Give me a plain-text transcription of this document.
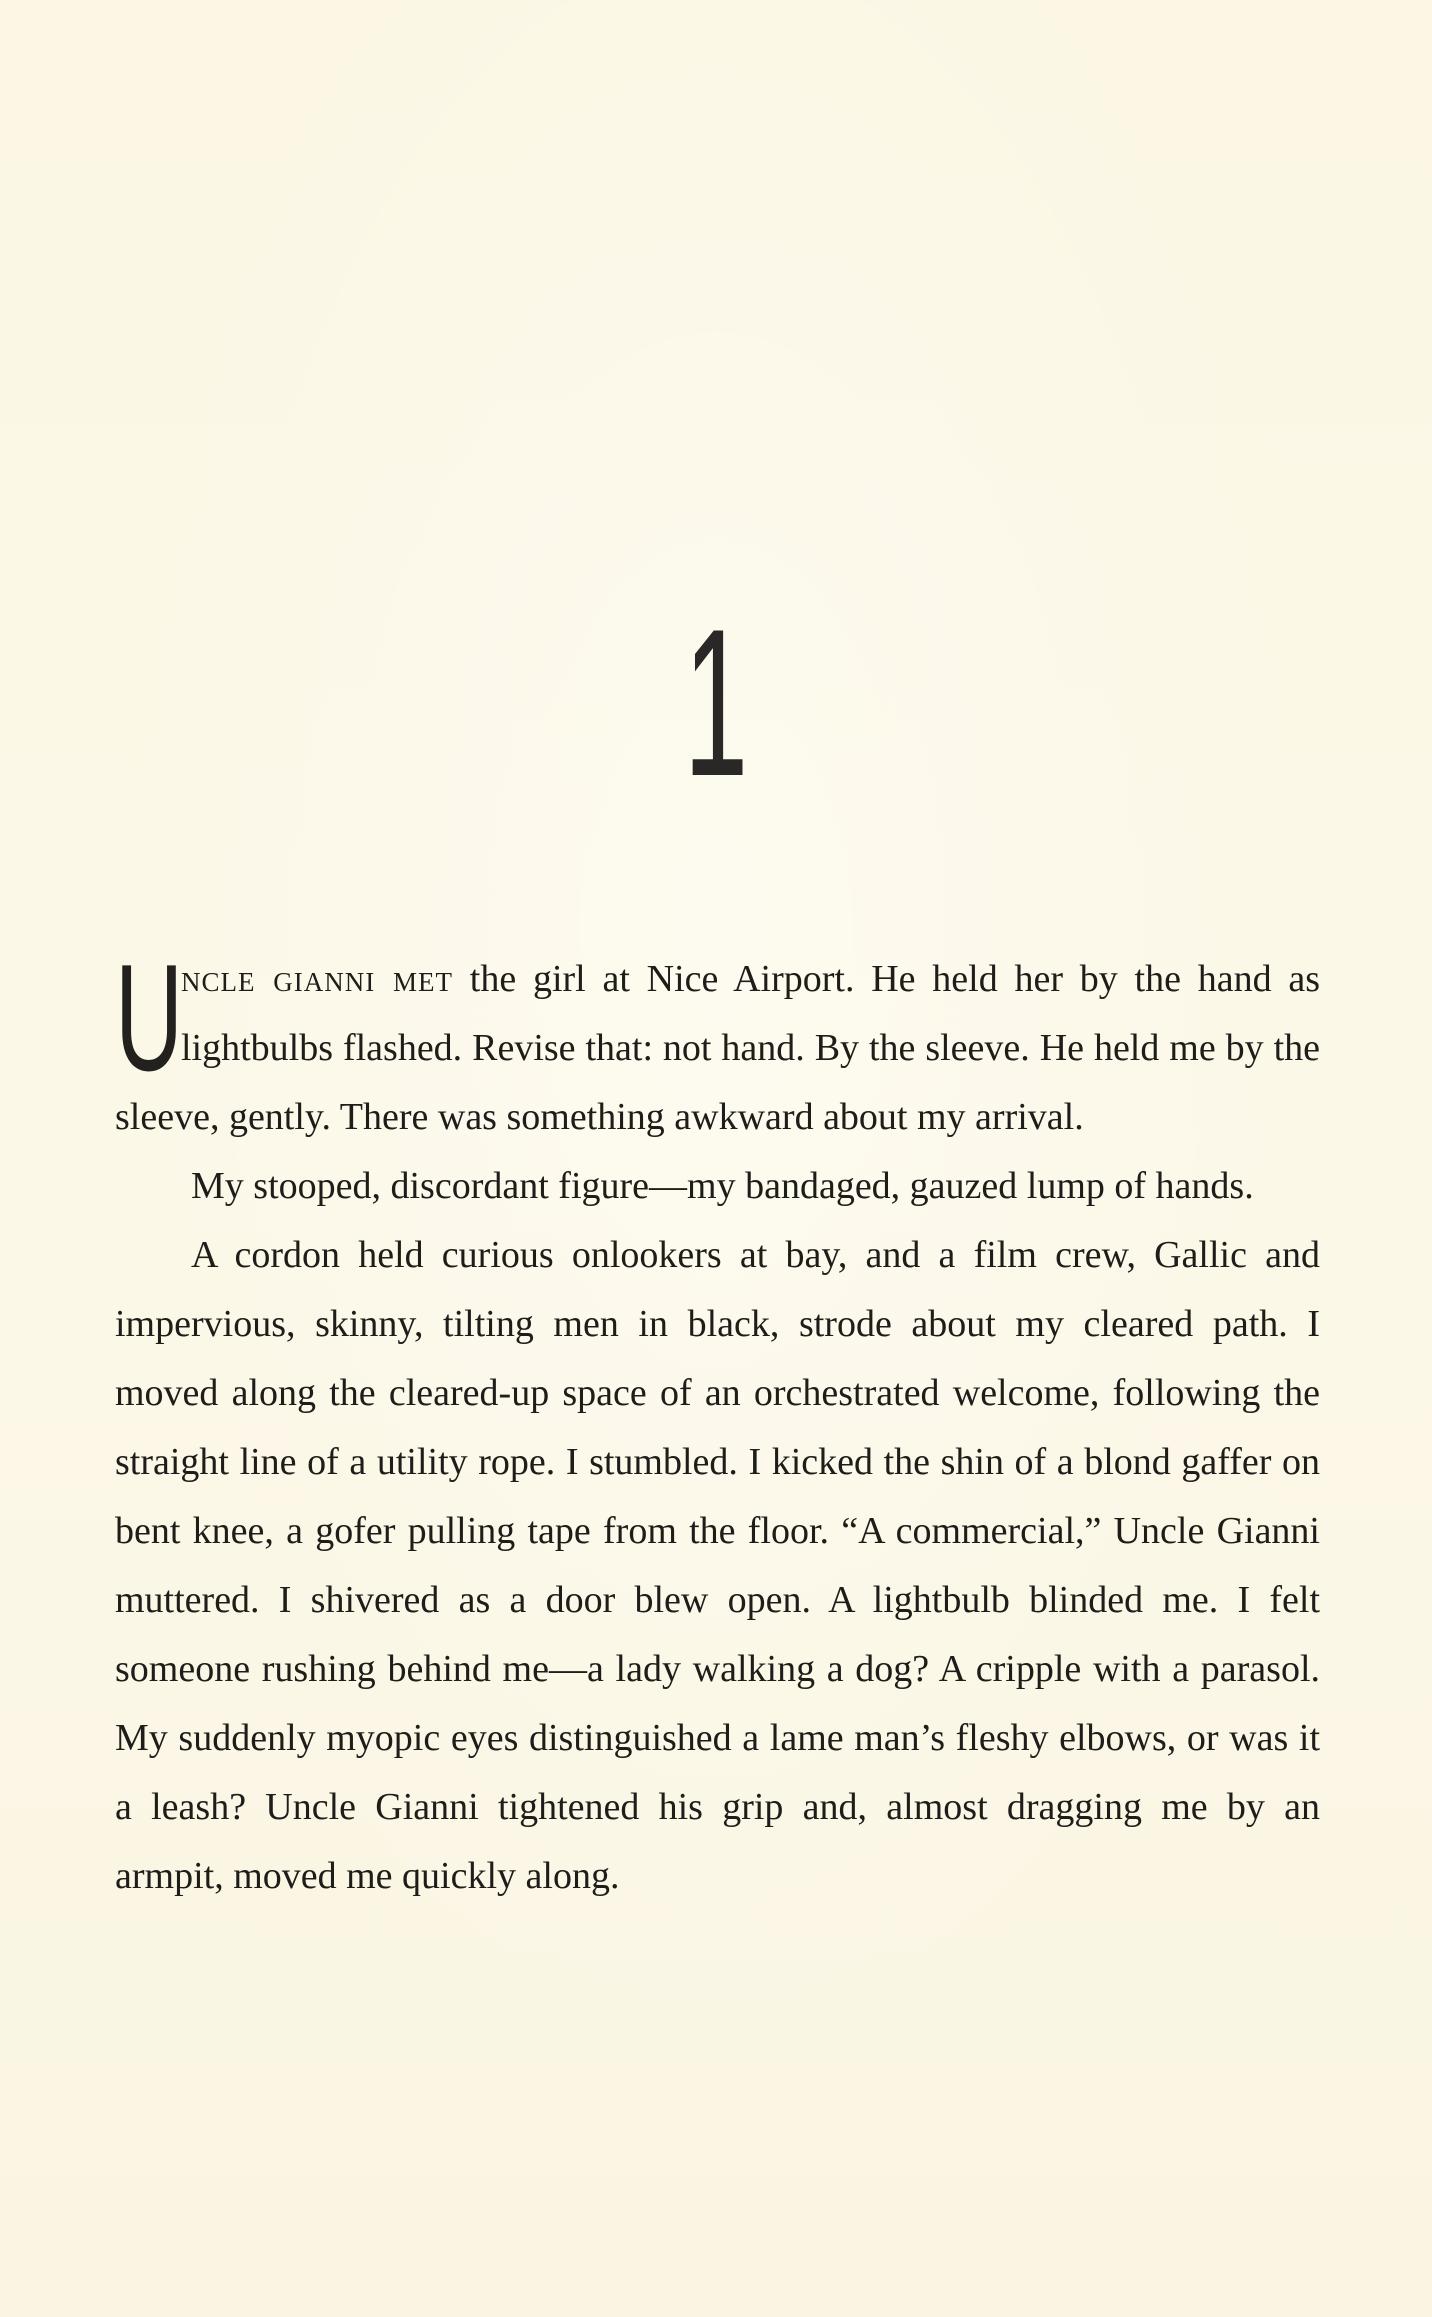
1

U
ncle gianni met the girl at Nice Airport. He held her by the hand as lightbulbs flashed. Revise that: not hand. By the sleeve. He held me by the sleeve, gently. There was something awkward about my arrival.

My stooped, discordant figure—my bandaged, gauzed lump of hands.

A cordon held curious onlookers at bay, and a film crew, Gallic and impervious, skinny, tilting men in black, strode about my cleared path. I moved along the cleared-up space of an orchestrated welcome, following the straight line of a utility rope. I stumbled. I kicked the shin of a blond gaffer on bent knee, a gofer pulling tape from the floor. “A commercial,” Uncle Gianni muttered. I shivered as a door blew open. A lightbulb blinded me. I felt someone rushing behind me—a lady walking a dog? A cripple with a parasol. My suddenly myopic eyes distinguished a lame man’s fleshy elbows, or was it a leash? Uncle Gianni tightened his grip and, almost dragging me by an armpit, moved me quickly along.
